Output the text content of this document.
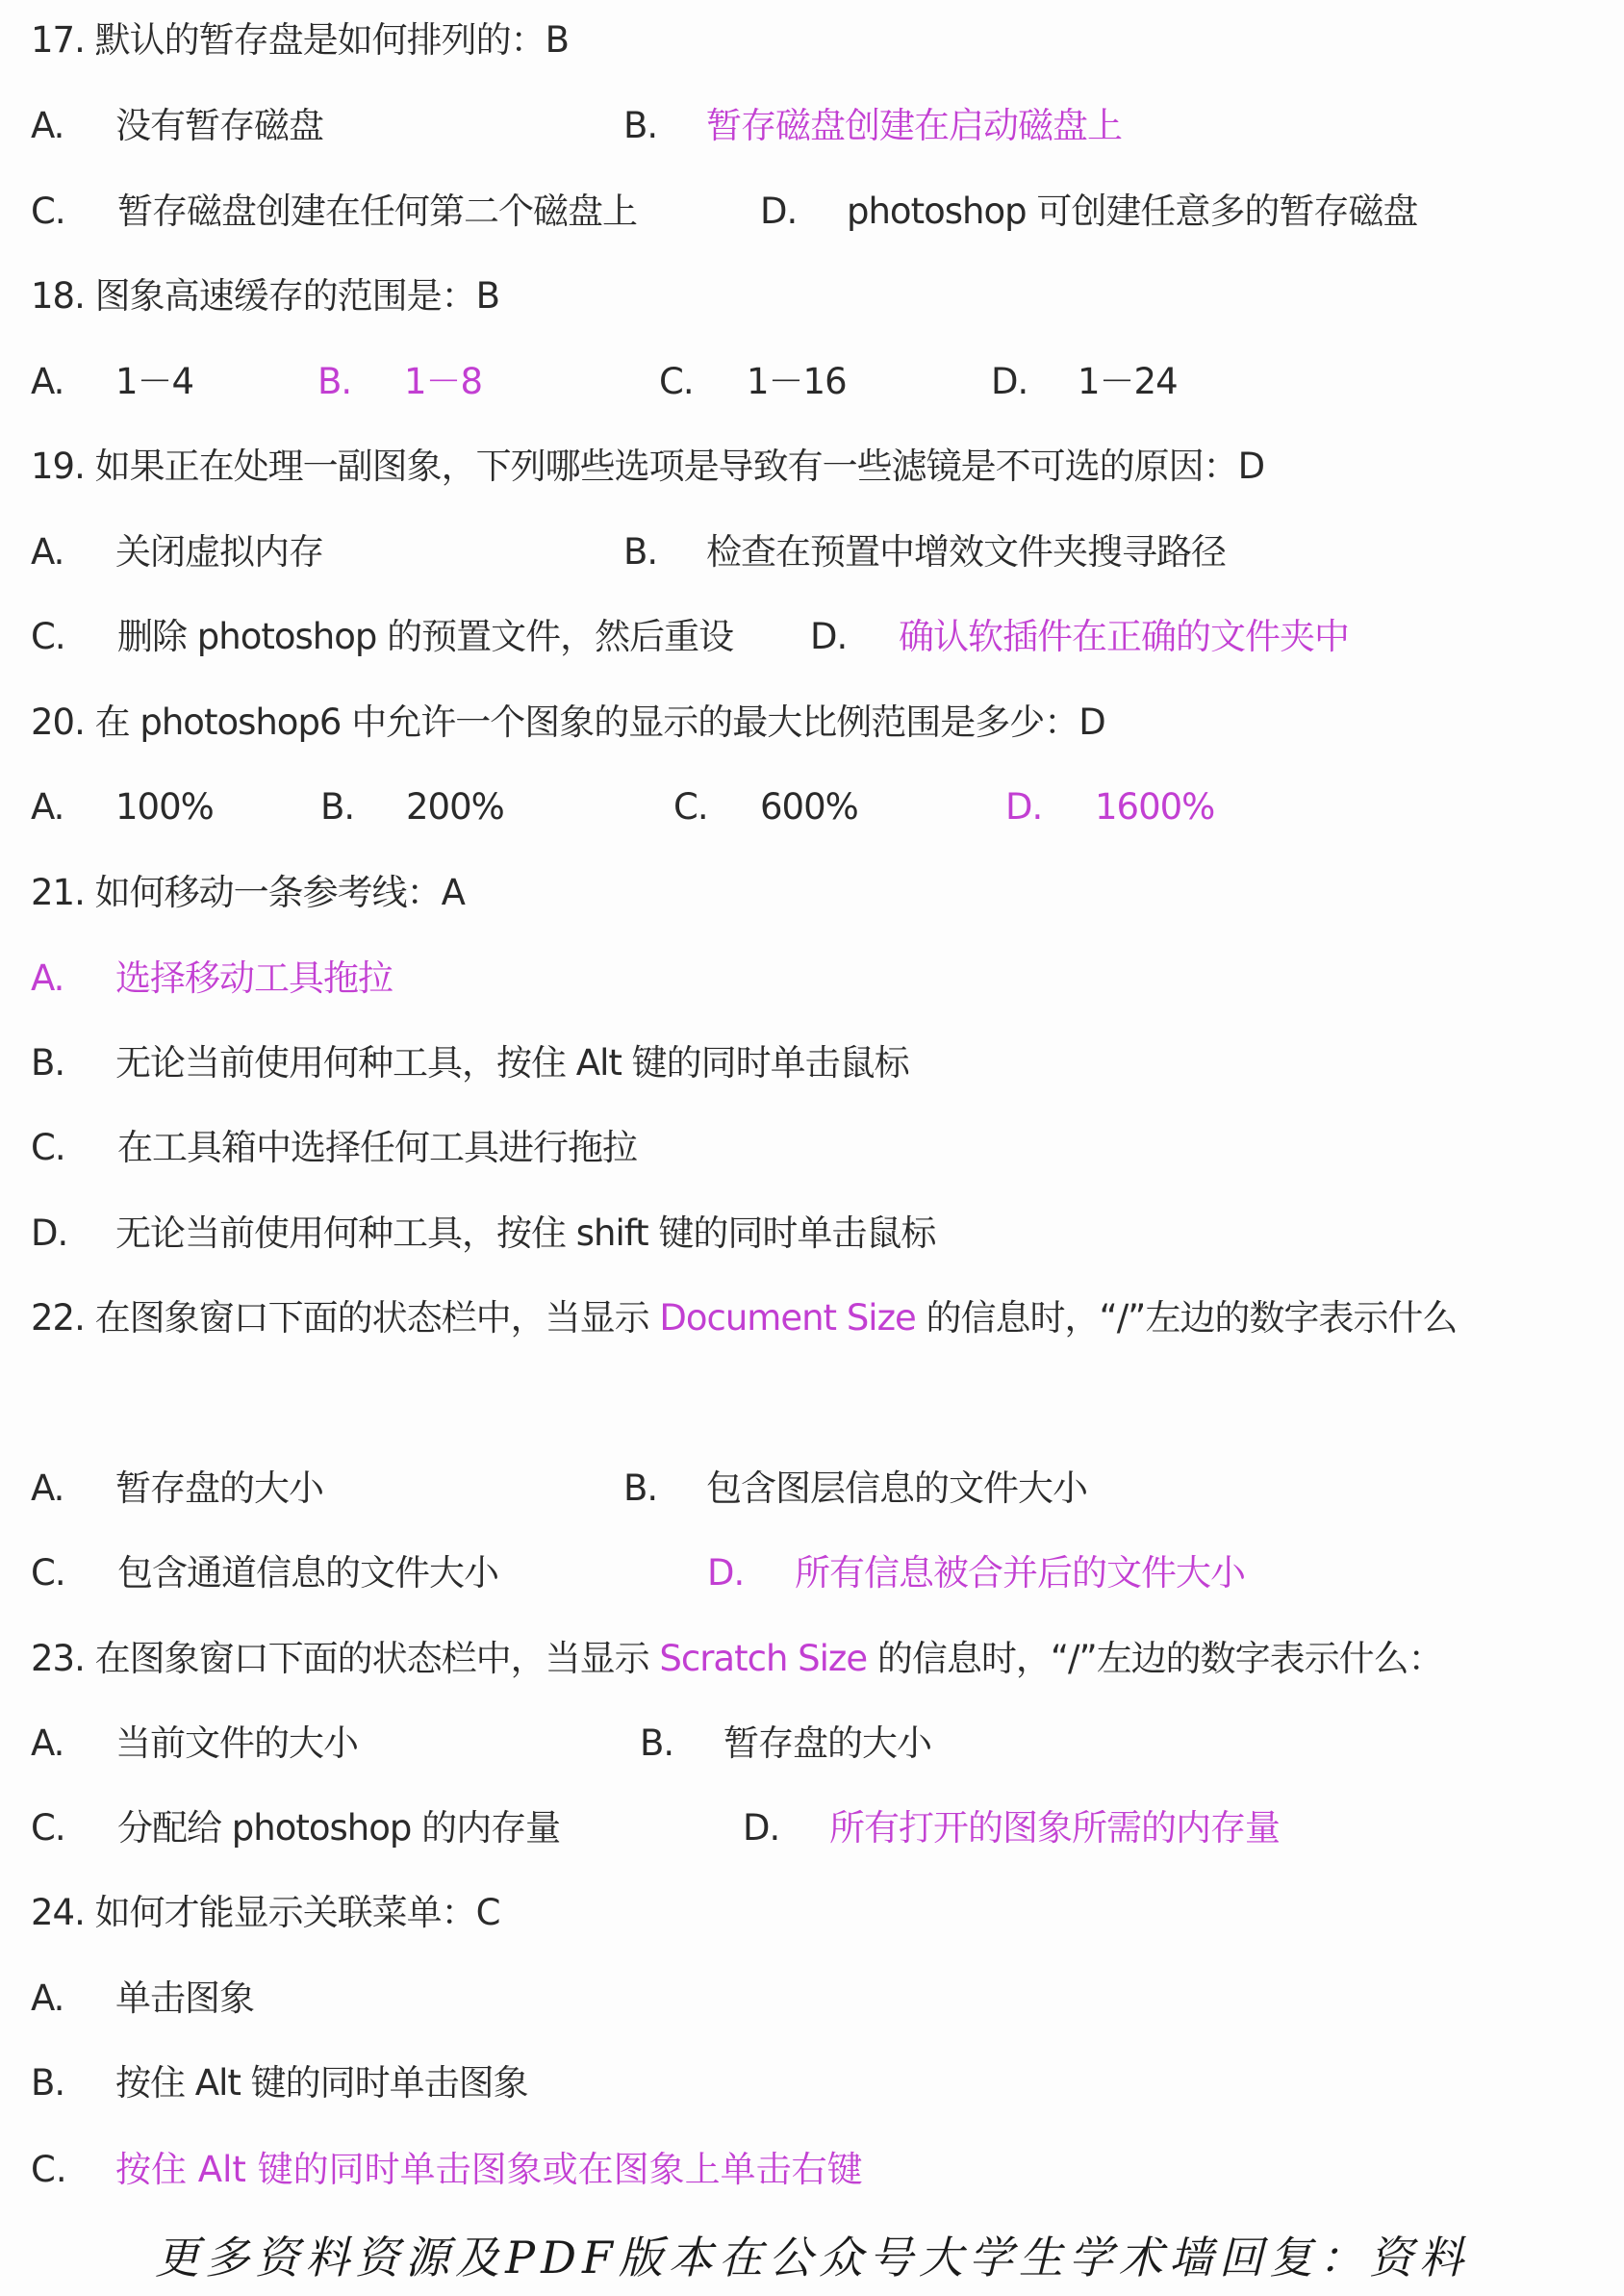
17. 默认的暂存盘是如何排列的：B
A. 没有暂存磁盘	B. 暂存磁盘创建在启动磁盘上
C. 暂存磁盘创建在任何第二个磁盘上	D. photoshop 可创建任意多的暂存磁盘
18. 图象高速缓存的范围是：B
A. 1－4	B. 1－8	C. 1－16	D. 1－24
19. 如果正在处理一副图象，下列哪些选项是导致有一些滤镜是不可选的原因：D
A. 关闭虚拟内存	B. 检查在预置中增效文件夹搜寻路径
C. 删除 photoshop 的预置文件，然后重设 D. 确认软插件在正确的文件夹中
20. 在 photoshop6 中允许一个图象的显示的最大比例范围是多少：D
A. 100%	B. 200%	C. 600%	D. 1600%
21. 如何移动一条参考线：A
A. 选择移动工具拖拉
B. 无论当前使用何种工具，按住 Alt 键的同时单击鼠标
C. 在工具箱中选择任何工具进行拖拉
D. 无论当前使用何种工具，按住 shift 键的同时单击鼠标
22. 在图象窗口下面的状态栏中，当显示 Document Size 的信息时，“/”左边的数字表示什么
A. 暂存盘的大小	B. 包含图层信息的文件大小
C. 包含通道信息的文件大小	D. 所有信息被合并后的文件大小
23. 在图象窗口下面的状态栏中，当显示 Scratch Size 的信息时，“/”左边的数字表示什么：
A. 当前文件的大小	B. 暂存盘的大小
C. 分配给 photoshop 的内存量	D. 所有打开的图象所需的内存量
24. 如何才能显示关联菜单：C
A. 单击图象
B. 按住 Alt 键的同时单击图象
C. 按住 Alt 键的同时单击图象或在图象上单击右键
更多资料资源及PDF版本在公众号大学生学术墙回复：资料
